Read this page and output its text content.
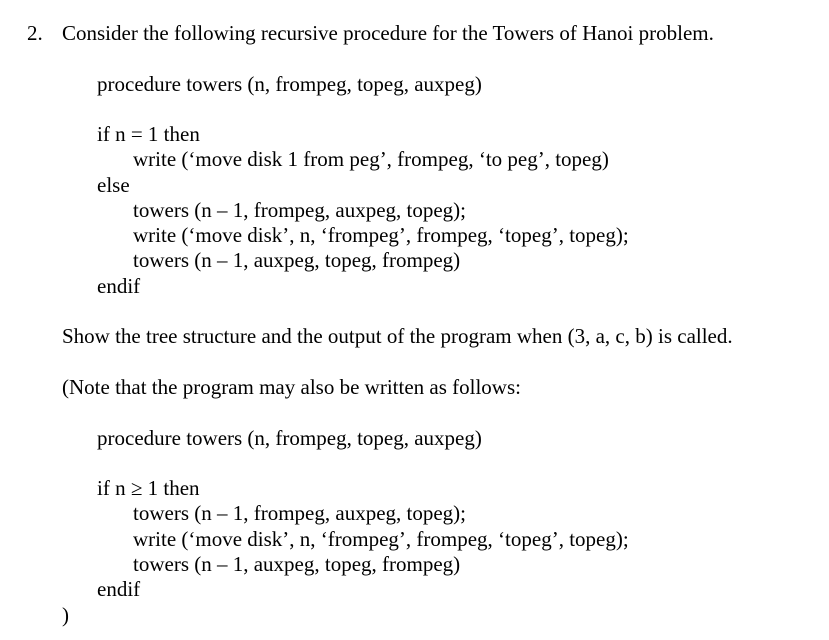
2. Consider the following recursive procedure for the Towers of Hanoi problem.
procedure towers (n, frompeg, topeg, auxpeg)
if n = 1 then
write (‘move disk 1 from peg’, frompeg, ‘to peg’, topeg)
else
towers (n – 1, frompeg, auxpeg, topeg);
write (‘move disk’, n, ‘frompeg’, frompeg, ‘topeg’, topeg);
towers (n – 1, auxpeg, topeg, frompeg)
endif
Show the tree structure and the output of the program when (3, a, c, b) is called.
(Note that the program may also be written as follows:
procedure towers (n, frompeg, topeg, auxpeg)
if n ≥ 1 then
towers (n – 1, frompeg, auxpeg, topeg);
write (‘move disk’, n, ‘frompeg’, frompeg, ‘topeg’, topeg);
towers (n – 1, auxpeg, topeg, frompeg)
endif
)
